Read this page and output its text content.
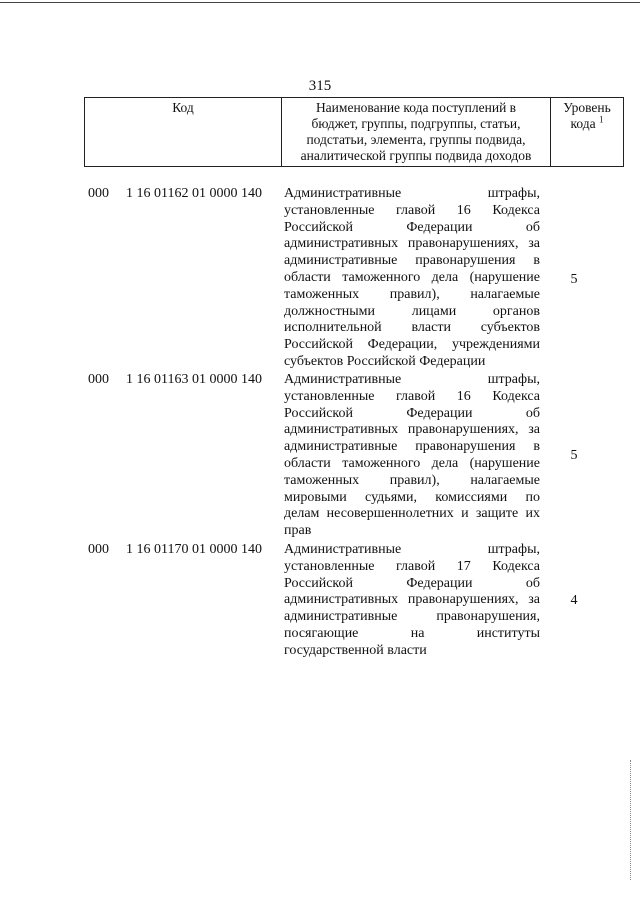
315
Код	Наименование кода поступлений в
бюджет, группы, подгруппы, статьи,
подстатьи, элемента, группы подвида,
аналитической группы подвида доходов

Уровень
кода $^1$
000 1 16 01162 01 0000 140 Административные штрафы,
установленные главой 16 Кодекса
Российской Федерации об
административных правонарушениях, за
административные правонарушения в
области таможенного дела (нарушение
таможенных правил), налагаемые
должностными лицами органов
исполнительной власти субъектов
Российской Федерации, учреждениями
субъектов Российской Федерации
5
000 1 16 01163 01 0000 140 Административные штрафы,
установленные главой 16 Кодекса
Российской Федерации об
административных правонарушениях, за
административные правонарушения в
области таможенного дела (нарушение
таможенных правил), налагаемые
мировыми судьями, комиссиями по
делам несовершеннолетних и защите их
прав
5
000 1 16 01170 01 0000 140 Административные штрафы,
установленные главой 17 Кодекса
Российской Федерации об
административных правонарушениях, за
административные правонарушения,
посягающие на институты
государственной власти
4
